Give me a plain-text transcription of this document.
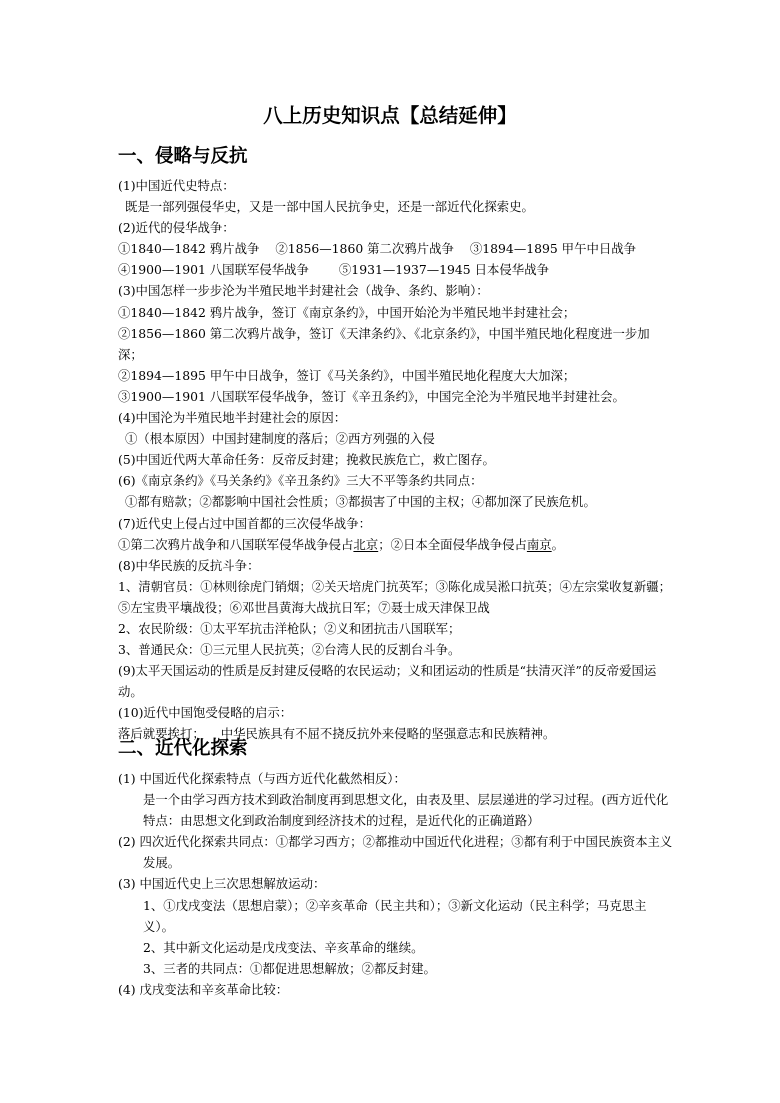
八上历史知识点【总结延伸】
一、侵略与反抗

(1)中国近代史特点：

既是一部列强侵华史，又是一部中国人民抗争史，还是一部近代化探索史。

(2)近代的侵华战争：

①1840—1842 鸦片战争 ②1856—1860 第二次鸦片战争 ③1894—1895 甲午中日战争

④1900—1901 八国联军侵华战争 ⑤1931—1937—1945 日本侵华战争

(3)中国怎样一步步沦为半殖民地半封建社会（战争、条约、影响）：

①1840—1842 鸦片战争，签订《南京条约》，中国开始沦为半殖民地半封建社会；

②1856—1860 第二次鸦片战争，签订《天津条约》、《北京条约》，中国半殖民地化程度进一步加深；

②1894—1895 甲午中日战争，签订《马关条约》，中国半殖民地化程度大大加深；

③1900—1901 八国联军侵华战争，签订《辛丑条约》，中国完全沦为半殖民地半封建社会。

(4)中国沦为半殖民地半封建社会的原因：

①（根本原因）中国封建制度的落后；②西方列强的入侵

(5)中国近代两大革命任务：反帝反封建；挽救民族危亡，救亡图存。

(6)《南京条约》《马关条约》《辛丑条约》三大不平等条约共同点：

①都有赔款；②都影响中国社会性质；③都损害了中国的主权；④都加深了民族危机。

(7)近代史上侵占过中国首都的三次侵华战争：

①第二次鸦片战争和八国联军侵华战争侵占北京；②日本全面侵华战争侵占南京。

(8)中华民族的反抗斗争：

1、清朝官员：①林则徐虎门销烟；②关天培虎门抗英军；③陈化成吴淞口抗英；④左宗棠收复新疆；⑤左宝贵平壤战役；⑥邓世昌黄海大战抗日军；⑦聂士成天津保卫战

2、农民阶级：①太平军抗击洋枪队；②义和团抗击八国联军；

3、普通民众：①三元里人民抗英；②台湾人民的反割台斗争。

(9)太平天国运动的性质是反封建反侵略的农民运动；义和团运动的性质是“扶清灭洋”的反帝爱国运动。

(10)近代中国饱受侵略的启示：

落后就要挨打； 中华民族具有不屈不挠反抗外来侵略的坚强意志和民族精神。

二、近代化探索

(1) 中国近代化探索特点（与西方近代化截然相反）：

是一个由学习西方技术到政治制度再到思想文化，由表及里、层层递进的学习过程。(西方近代化特点：由思想文化到政治制度到经济技术的过程，是近代化的正确道路）

(2) 四次近代化探索共同点：①都学习西方；②都推动中国近代化进程；③都有利于中国民族资本主义发展。

(3) 中国近代史上三次思想解放运动：

1、①戊戌变法（思想启蒙）；②辛亥革命（民主共和）；③新文化运动（民主科学；马克思主义）。

2、其中新文化运动是戊戌变法、辛亥革命的继续。

3、三者的共同点：①都促进思想解放；②都反封建。

(4) 戊戌变法和辛亥革命比较：
